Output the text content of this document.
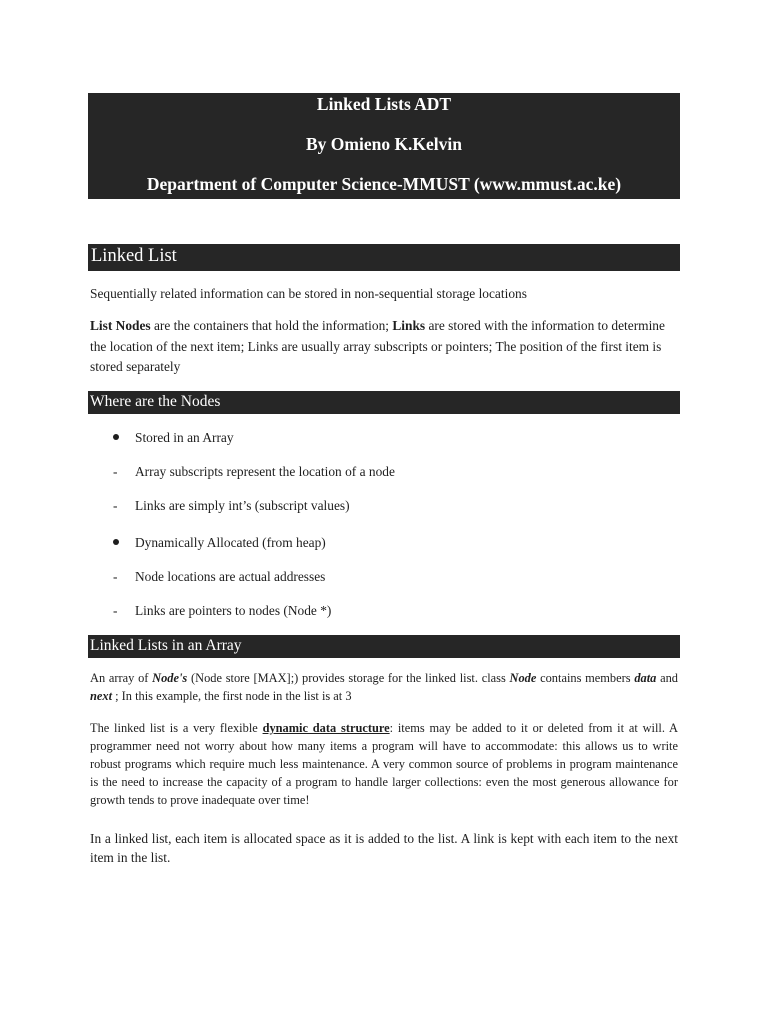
Linked Lists ADT
By Omieno K.Kelvin
Department of Computer Science-MMUST (www.mmust.ac.ke)
Linked List
Sequentially related information can be stored in non-sequential storage locations
List Nodes are the containers that hold the information; Links are stored with the information to determine the location of the next item; Links are usually array subscripts or pointers; The position of the first item is stored separately
Where are the Nodes
Stored in an Array
- Array subscripts represent the location of a node
- Links are simply int’s (subscript values)
Dynamically Allocated (from heap)
- Node locations are actual addresses
- Links are pointers to nodes (Node *)
Linked Lists in an Array
An array of Node's (Node store [MAX];) provides storage for the linked list. class Node contains members data and next ; In this example, the first node in the list is at 3
The linked list is a very flexible dynamic data structure: items may be added to it or deleted from it at will. A programmer need not worry about how many items a program will have to accommodate: this allows us to write robust programs which require much less maintenance. A very common source of problems in program maintenance is the need to increase the capacity of a program to handle larger collections: even the most generous allowance for growth tends to prove inadequate over time!
In a linked list, each item is allocated space as it is added to the list. A link is kept with each item to the next item in the list.
